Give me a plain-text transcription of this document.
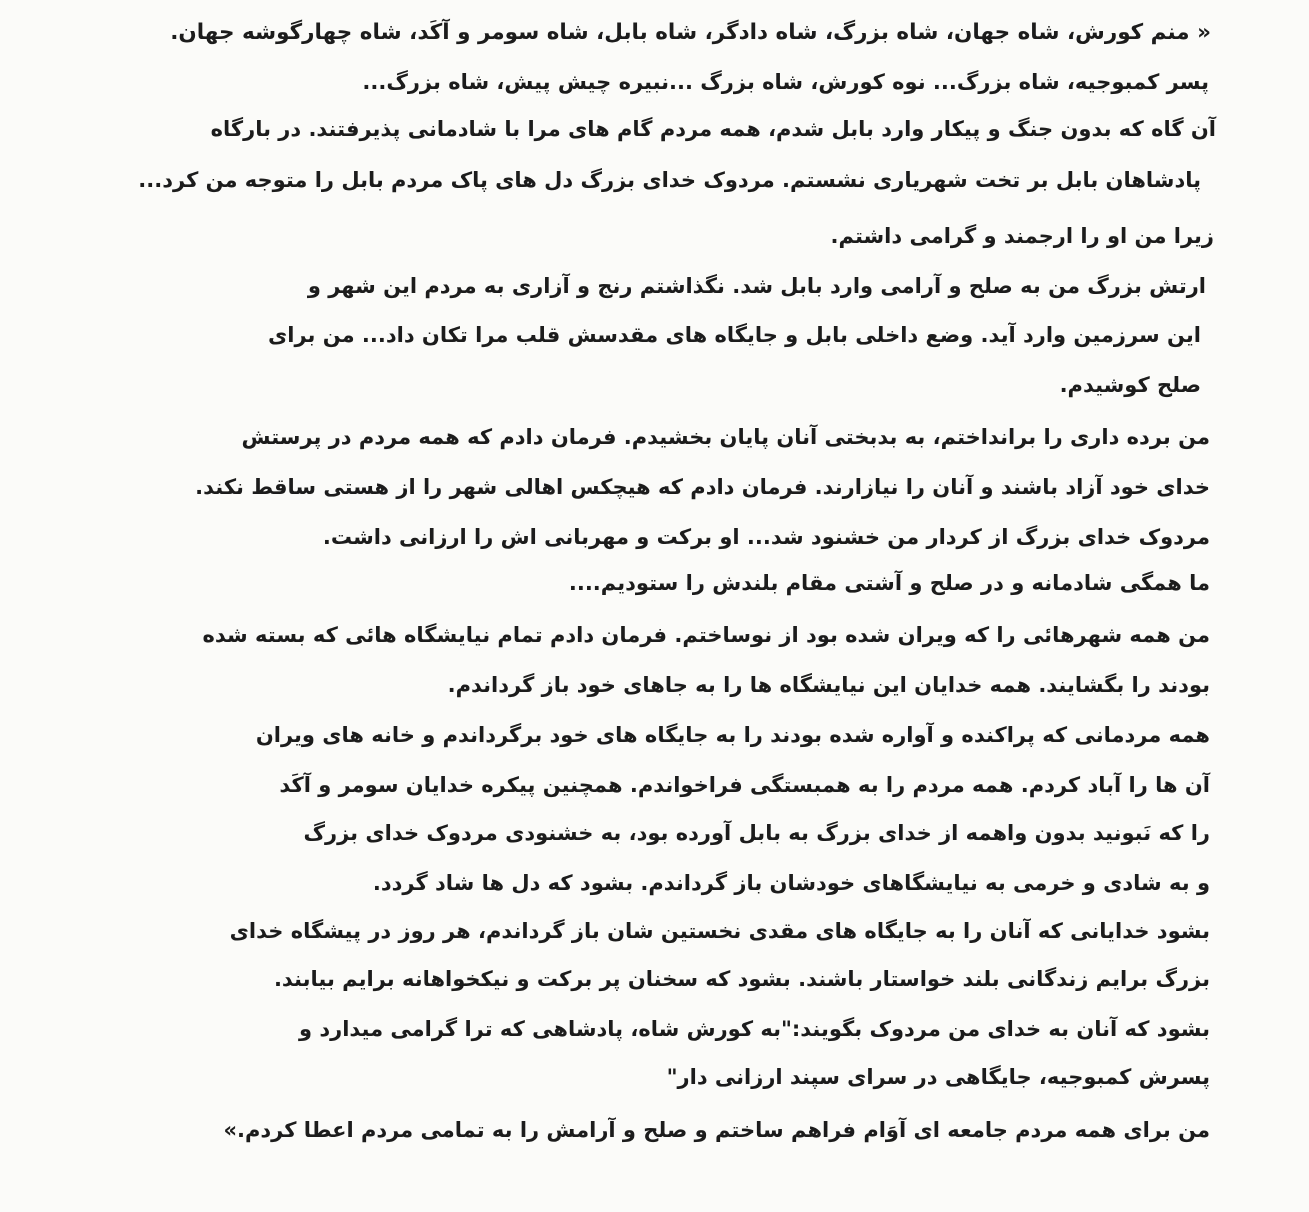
« منم کورش، شاه جهان، شاه بزرگ، شاه دادگر، شاه بابل، شاه سومر و آکَد، شاه چهارگوشه جهان.
پسر کمبوجیه، شاه بزرگ... نوه کورش، شاه بزرگ ...نبیره چیش پیش، شاه بزرگ...
آن گاه که بدون جنگ و پیکار وارد بابل شدم، همه مردم گام های مرا با شادمانی پذیرفتند. در بارگاه
پادشاهان بابل بر تخت شهریاری نشستم. مردوک خدای بزرگ دل های پاک مردم بابل را متوجه من کرد...
زیرا من او را ارجمند و گرامی داشتم.
ارتش بزرگ من به صلح و آرامی وارد بابل شد. نگذاشتم رنج و آزاری به مردم این شهر و
این سرزمین وارد آید. وضع داخلی بابل و جایگاه های مقدسش قلب مرا تکان داد... من برای
صلح کوشیدم.
من برده داری را برانداختم، به بدبختی آنان پایان بخشیدم. فرمان دادم که همه مردم در پرستش
خدای خود آزاد باشند و آنان را نیازارند. فرمان دادم که هیچکس اهالی شهر را از هستی ساقط نکند.
مردوک خدای بزرگ از کردار من خشنود شد... او برکت و مهربانی اش را ارزانی داشت.
ما همگی شادمانه و در صلح و آشتی مقام بلندش را ستودیم....
من همه شهرهائی را که ویران شده بود از نوساختم. فرمان دادم تمام نیایشگاه هائی که بسته شده
بودند را بگشایند. همه خدایان این نیایشگاه ها را به جاهای خود باز گرداندم.
همه مردمانی که پراکنده و آواره شده بودند را به جایگاه های خود برگرداندم و خانه های ویران
آن ها را آباد کردم. همه مردم را به همبستگی فراخواندم. همچنین پیکره خدایان سومر و آکَد
را که نَبونید بدون واهمه از خدای بزرگ به بابل آورده بود، به خشنودی مردوک خدای بزرگ
و به شادی و خرمی به نیایشگاهای خودشان باز گرداندم. بشود که دل ها شاد گردد.
بشود خدایانی که آنان را به جایگاه های مقدی نخستین شان باز گرداندم، هر روز در پیشگاه خدای
بزرگ برایم زندگانی بلند خواستار باشند. بشود که سخنان پر برکت و نیکخواهانه برایم بیابند.
بشود که آنان به خدای من مردوک بگویند:"به کورش شاه، پادشاهی که ترا گرامی میدارد و
پسرش کمبوجیه، جایگاهی در سرای سپند ارزانی دار"
من برای همه مردم جامعه ای آوَام فراهم ساختم و صلح و آرامش را به تمامی مردم اعطا کردم.»
